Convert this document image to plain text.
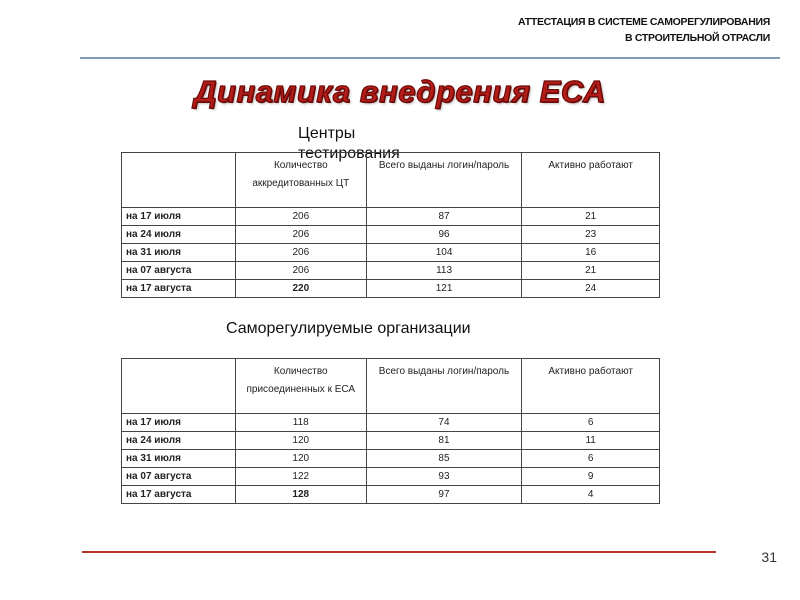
АТТЕСТАЦИЯ В СИСТЕМЕ САМОРЕГУЛИРОВАНИЯ
В СТРОИТЕЛЬНОЙ ОТРАСЛИ
Динамика внедрения ЕСА
Центры тестирования
	Количество аккредитованных ЦТ	Всего выданы логин/пароль	Активно работают
на 17 июля	206	87	21
на 24 июля	206	96	23
на 31 июля	206	104	16
на 07 августа	206	113	21
на 17 августа	220	121	24
Саморегулируемые организации
	Количество присоединенных к ЕСА	Всего выданы логин/пароль	Активно работают
на 17 июля	118	74	6
на 24 июля	120	81	11
на 31 июля	120	85	6
на 07 августа	122	93	9
на 17 августа	128	97	4
31
